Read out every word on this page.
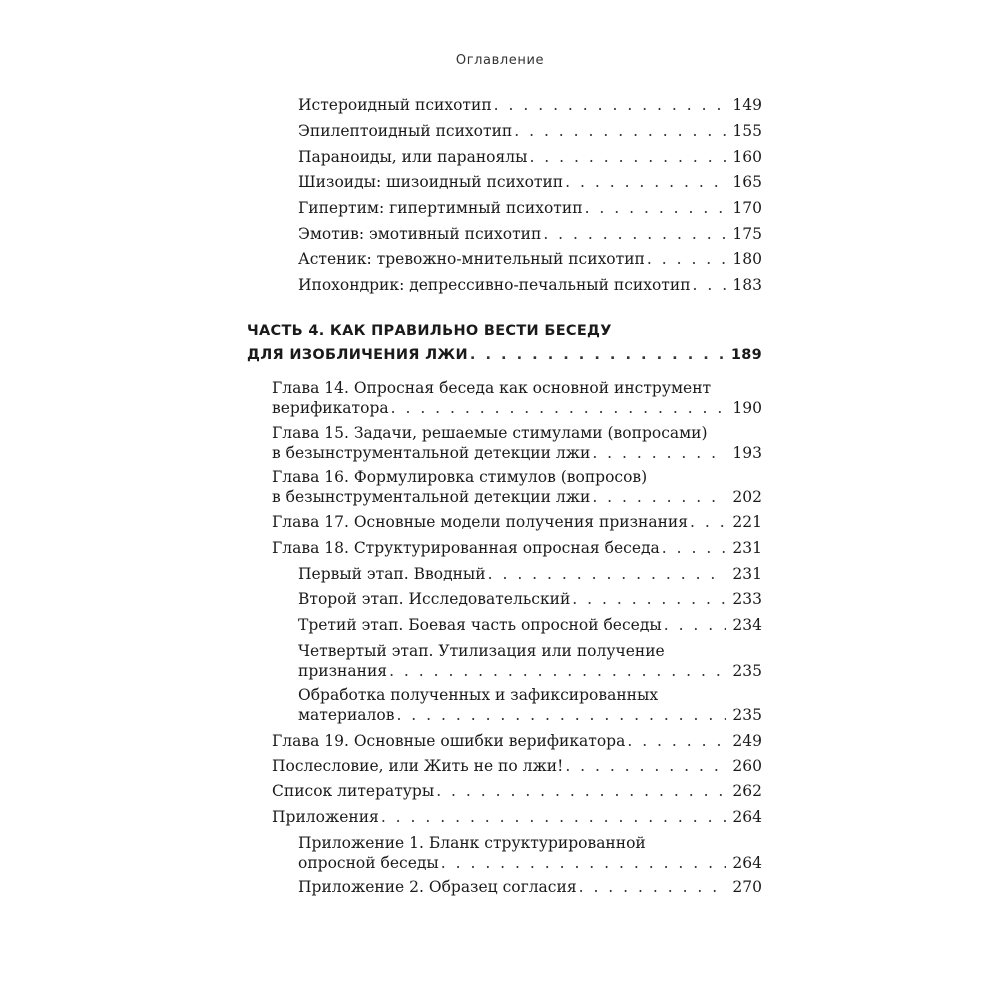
Оглавление
Истероидный психотип . . .	149
Эпилептоидный психотип . . .	155
Параноиды, или параноялы . . .	160
Шизоиды: шизоидный психотип . . .	165
Гипертим: гипертимный психотип . . .	170
Эмотив: эмотивный психотип . . .	175
Астеник: тревожно-мнительный психотип . . .	180
Ипохондрик: депрессивно-печальный психотип . . .	183
ЧАСТЬ 4. КАК ПРАВИЛЬНО ВЕСТИ БЕСЕДУ
ДЛЯ ИЗОБЛИЧЕНИЯ ЛЖИ . . .	189
Глава 14. Опросная беседа как основной инструмент
верификатора . . .	190
Глава 15. Задачи, решаемые стимулами (вопросами)
в безынструментальной детекции лжи . . .	193
Глава 16. Формулировка стимулов (вопросов)
в безынструментальной детекции лжи . . .	202
Глава 17. Основные модели получения признания . . .	221
Глава 18. Структурированная опросная беседа . . .	231
Первый этап. Вводный . . .	231
Второй этап. Исследовательский . . .	233
Третий этап. Боевая часть опросной беседы . . .	234
Четвертый этап. Утилизация или получение
признания . . .	235
Обработка полученных и зафиксированных
материалов . . .	235
Глава 19. Основные ошибки верификатора . . .	249
Послесловие, или Жить не по лжи! . . .	260
Список литературы . . .	262
Приложения . . .	264
Приложение 1. Бланк структурированной
опросной беседы . . .	264
Приложение 2. Образец согласия . . .	270
